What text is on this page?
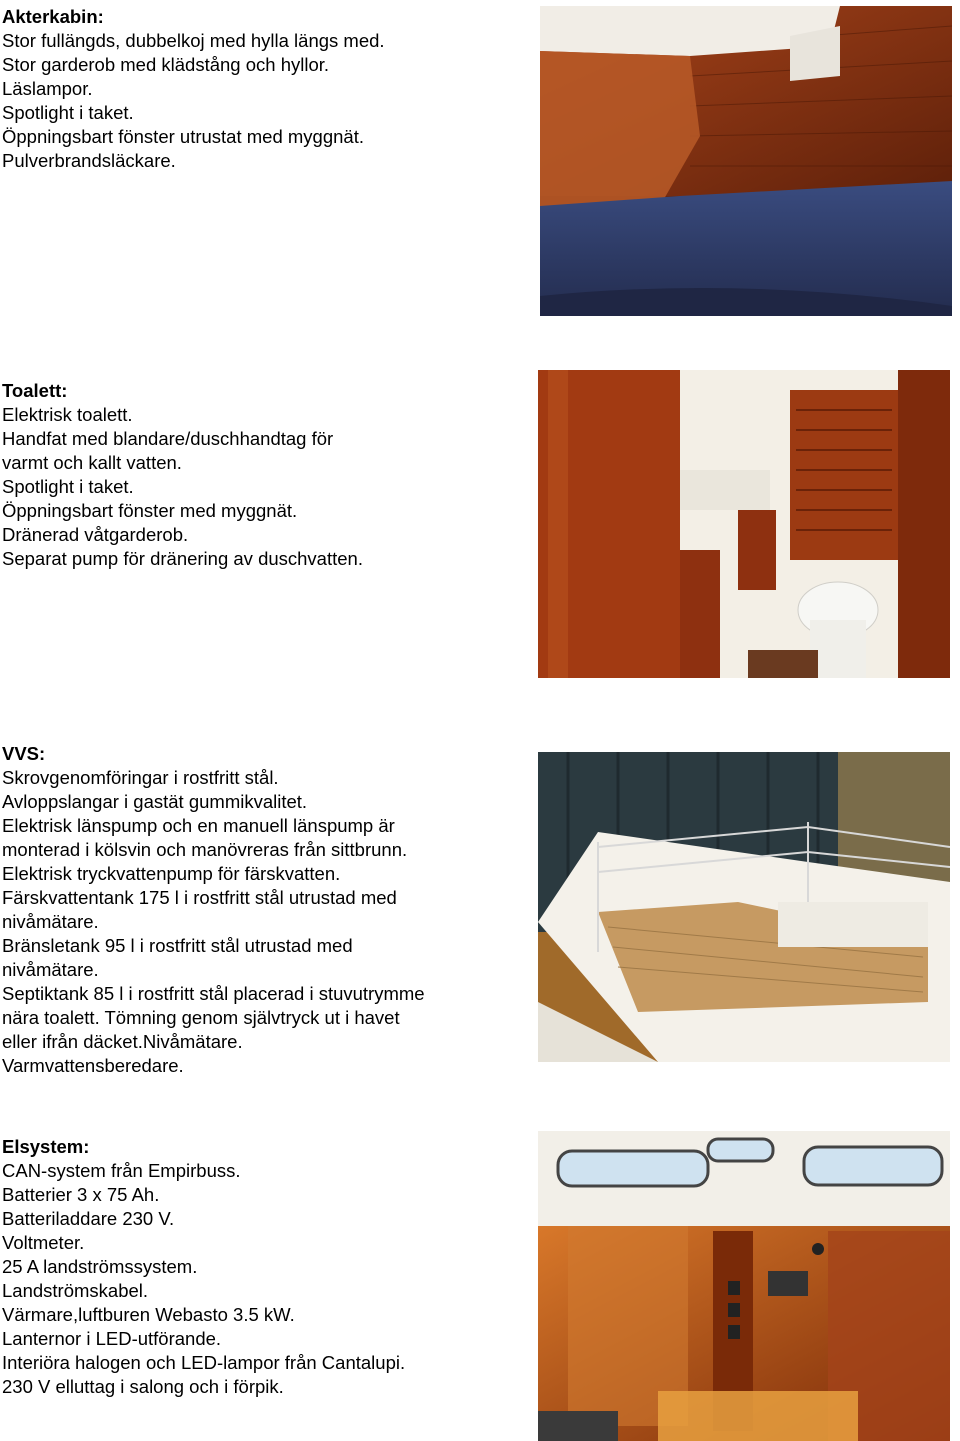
Akterkabin:
Stor fullängds, dubbelkoj med hylla längs med.
Stor garderob med klädstång och hyllor.
Läslampor.
Spotlight i taket.
Öppningsbart fönster utrustat med myggnät.
Pulverbrandsläckare.
Toalett:
Elektrisk toalett.
Handfat med blandare/duschhandtag för
varmt och kallt vatten.
Spotlight i taket.
Öppningsbart fönster med myggnät.
Dränerad våtgarderob.
Separat pump för dränering av duschvatten.
VVS:
Skrovgenomföringar i rostfritt stål.
Avloppslangar i gastät gummikvalitet.
Elektrisk länspump och en manuell länspump är
monterad i kölsvin och manövreras från sittbrunn.
Elektrisk tryckvattenpump för färskvatten.
Färskvattentank 175 l i rostfritt stål utrustad med
nivåmätare.
Bränsletank 95 l i rostfritt stål utrustad med
nivåmätare.
Septiktank 85 l i rostfritt stål placerad i stuvutrymme
nära toalett. Tömning genom självtryck ut i havet
eller ifrån däcket.Nivåmätare.
Varmvattensberedare.
Elsystem:
CAN-system från Empirbuss.
Batterier 3 x 75 Ah.
Batteriladdare 230 V.
Voltmeter.
25 A landströmssystem.
Landströmskabel.
Värmare,luftburen Webasto 3.5 kW.
Lanternor i LED-utförande.
Interiöra halogen och LED-lampor från Cantalupi.
230 V elluttag i salong och i förpik.
